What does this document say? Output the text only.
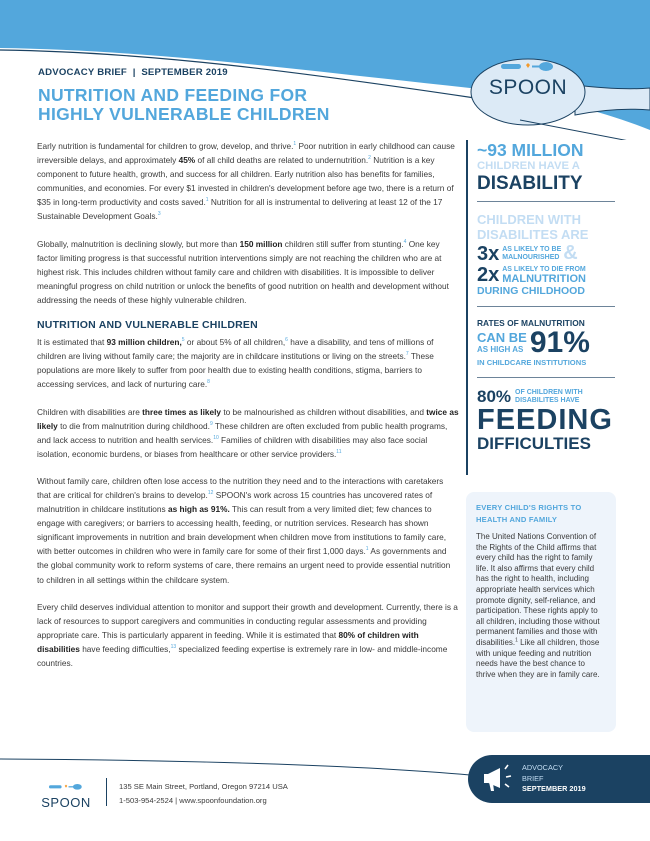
SPOON
ADVOCACY BRIEF  |  SEPTEMBER 2019
NUTRITION AND FEEDING FOR
HIGHLY VULNERABLE CHILDREN

Early nutrition is fundamental for children to grow, develop, and thrive.$^1$ Poor nutrition in early childhood can cause irreversible delays, and approximately 45% of all child deaths are related to undernutrition.$^2$ Nutrition is a key component to future health, growth, and success for all children. Early nutrition also has benefits for families, communities, and economies. For every $1 invested in children's development before age two, there is a return of $35 in long-term productivity and costs saved.$^1$ Nutrition for all is instrumental to delivering at least 12 of the 17 Sustainable Development Goals.$^3$

Globally, malnutrition is declining slowly, but more than 150 million children still suffer from stunting.$^4$ One key factor limiting progress is that successful nutrition interventions simply are not reaching the children who are at highest risk. This includes children without family care and children with disabilities. It is impossible to deliver meaningful progress on child nutrition or unlock the benefits of good nutrition on health and development without addressing the needs of these highly vulnerable children.

NUTRITION AND VULNERABLE CHILDREN

It is estimated that 93 million children,$^5$ or about 5% of all children,$^6$ have a disability, and tens of millions of children are living without family care; the majority are in childcare institutions or living on the streets.$^7$ These populations are more likely to suffer from poor health due to existing health conditions, stigma, barriers to accessing services, and lack of nurturing care.$^8$

Children with disabilities are three times as likely to be malnourished as children without disabilities, and twice as likely to die from malnutrition during childhood.$^9$ These children are often excluded from public health programs, and lack access to nutrition and health services.$^{10}$ Families of children with disabilities may also face social isolation, economic burdens, or biases from healthcare or other service providers.$^{11}$

Without family care, children often lose access to the nutrition they need and to the interactions with caretakers that are critical for children's brains to develop.$^{12}$ SPOON's work across 15 countries has uncovered rates of malnutrition in childcare institutions as high as 91%. This can result from a very limited diet; few chances to engage with caregivers; or barriers to accessing health, feeding, or nutrition services. Research has shown significant improvements in nutrition and brain development when children move from institutions to family care, with better outcomes in children who were in family care for some of their first 1,000 days.$^1$ As governments and the global community work to reform systems of care, there remains an urgent need to provide essential nutrition to children in all settings within the childcare system.

Every child deserves individual attention to monitor and support their growth and development. Currently, there is a lack of resources to support caregivers and communities in conducting regular assessments and providing appropriate care. This is particularly apparent in feeding. While it is estimated that 80% of children with disabilities have feeding difficulties,$^{13}$ specialized feeding expertise is extremely rare in low- and middle-income countries.

~93 MILLION
CHILDREN HAVE A
DISABILITY
CHILDREN WITH
DISABILITES ARE
3x AS LIKELY TO BE
MALNOURISHED &
2x AS LIKELY TO DIE FROM
MALNUTRITION
DURING CHILDHOOD
RATES OF MALNUTRITION
CAN BE
AS HIGH AS 91%
IN CHILDCARE INSTITUTIONS
80% OF CHILDREN WITH
DISABILITES HAVE
FEEDING
DIFFICULTIES
EVERY CHILD'S RIGHTS TO HEALTH AND FAMILY

The United Nations Convention of the Rights of the Child affirms that every child has the right to family life. It also affirms that every child has the right to health, including appropriate health services which promote dignity, self-reliance, and participation. These rights apply to all children, including those without permanent families and those with disabilities.$^1$ Like all children, those with unique feeding and nutrition needs have the best chance to thrive when they are in family care.

SPOON
135 SE Main Street, Portland, Oregon 97214 USA
1-503-954-2524 | www.spoonfoundation.org
ADVOCACY
BRIEF
SEPTEMBER 2019
